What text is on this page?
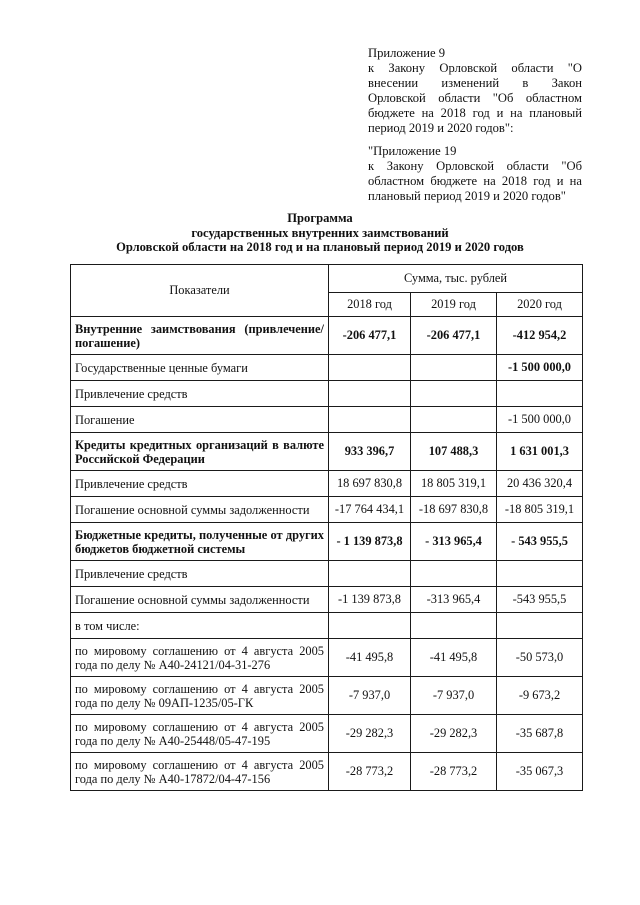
Приложение 9

к Закону Орловской области "О внесении изменений в Закон Орловской области "Об областном бюджете на 2018 год и на плановый период 2019 и 2020 годов":

"Приложение 19

к Закону Орловской области "Об областном бюджете на 2018 год и на плановый период 2019 и 2020 годов"

Программа
государственных внутренних заимствований
Орловской области на 2018 год и на плановый период 2019 и 2020 годов
Показатели	Сумма, тыс. рублей		
	2018 год	2019 год	2020 год
Внутренние заимствования (привлечение/погашение)	-206 477,1	-206 477,1	-412 954,2
Государственные ценные бумаги			-1 500 000,0
Привлечение средств			
Погашение			-1 500 000,0
Кредиты кредитных организаций в валюте Российской Федерации	933 396,7	107 488,3	1 631 001,3
Привлечение средств	18 697 830,8	18 805 319,1	20 436 320,4
Погашение основной суммы задолженности	-17 764 434,1	-18 697 830,8	-18 805 319,1
Бюджетные кредиты, полученные от других бюджетов бюджетной системы	- 1 139 873,8	- 313 965,4	- 543 955,5
Привлечение средств			
Погашение основной суммы задолженности	-1 139 873,8	-313 965,4	-543 955,5
в том числе:			
по мировому соглашению от 4 августа 2005 года по делу № А40-24121/04-31-276	-41 495,8	-41 495,8	-50 573,0
по мировому соглашению от 4 августа 2005 года по делу № 09АП-1235/05-ГК	-7 937,0	-7 937,0	-9 673,2
по мировому соглашению от 4 августа 2005 года по делу № А40-25448/05-47-195	-29 282,3	-29 282,3	-35 687,8
по мировому соглашению от 4 августа 2005 года по делу № А40-17872/04-47-156	-28 773,2	-28 773,2	-35 067,3
